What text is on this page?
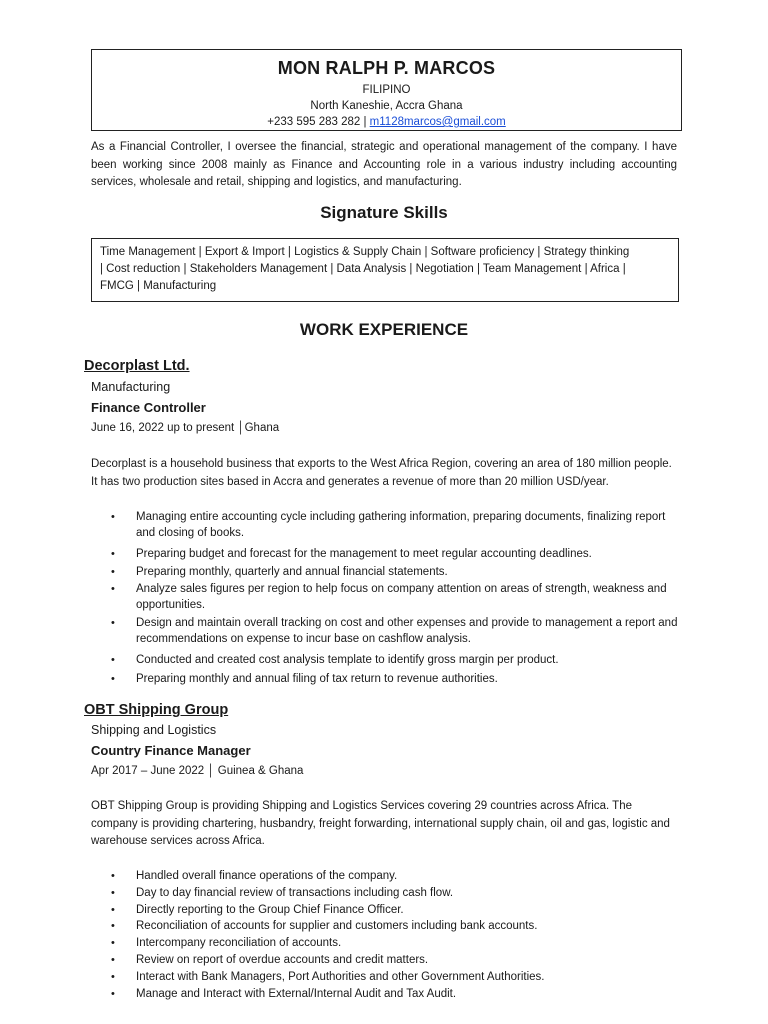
MON RALPH P. MARCOS
FILIPINO
North Kaneshie, Accra Ghana
+233 595 283 282 | m1128marcos@gmail.com
As a Financial Controller, I oversee the financial, strategic and operational management of the company. I have been working since 2008 mainly as Finance and Accounting role in a various industry including accounting services, wholesale and retail, shipping and logistics, and manufacturing.
Signature Skills
Time Management | Export & Import | Logistics & Supply Chain | Software proficiency | Strategy thinking
| Cost reduction | Stakeholders Management | Data Analysis | Negotiation | Team Management | Africa |
FMCG | Manufacturing
WORK EXPERIENCE
Decorplast Ltd.
Manufacturing
Finance Controller
June 16, 2022 up to present │Ghana
Decorplast is a household business that exports to the West Africa Region, covering an area of 180 million people. It has two production sites based in Accra and generates a revenue of more than 20 million USD/year.
• Managing entire accounting cycle including gathering information, preparing documents, finalizing report and closing of books.
• Preparing budget and forecast for the management to meet regular accounting deadlines.
• Preparing monthly, quarterly and annual financial statements.
• Analyze sales figures per region to help focus on company attention on areas of strength, weakness and opportunities.
• Design and maintain overall tracking on cost and other expenses and provide to management a report and recommendations on expense to incur base on cashflow analysis.
• Conducted and created cost analysis template to identify gross margin per product.
• Preparing monthly and annual filing of tax return to revenue authorities.
OBT Shipping Group
Shipping and Logistics
Country Finance Manager
Apr 2017 – June 2022 │ Guinea & Ghana
OBT Shipping Group is providing Shipping and Logistics Services covering 29 countries across Africa. The company is providing chartering, husbandry, freight forwarding, international supply chain, oil and gas, logistic and warehouse services across Africa.
• Handled overall finance operations of the company.
• Day to day financial review of transactions including cash flow.
• Directly reporting to the Group Chief Finance Officer.
• Reconciliation of accounts for supplier and customers including bank accounts.
• Intercompany reconciliation of accounts.
• Review on report of overdue accounts and credit matters.
• Interact with Bank Managers, Port Authorities and other Government Authorities.
• Manage and Interact with External/Internal Audit and Tax Audit.
